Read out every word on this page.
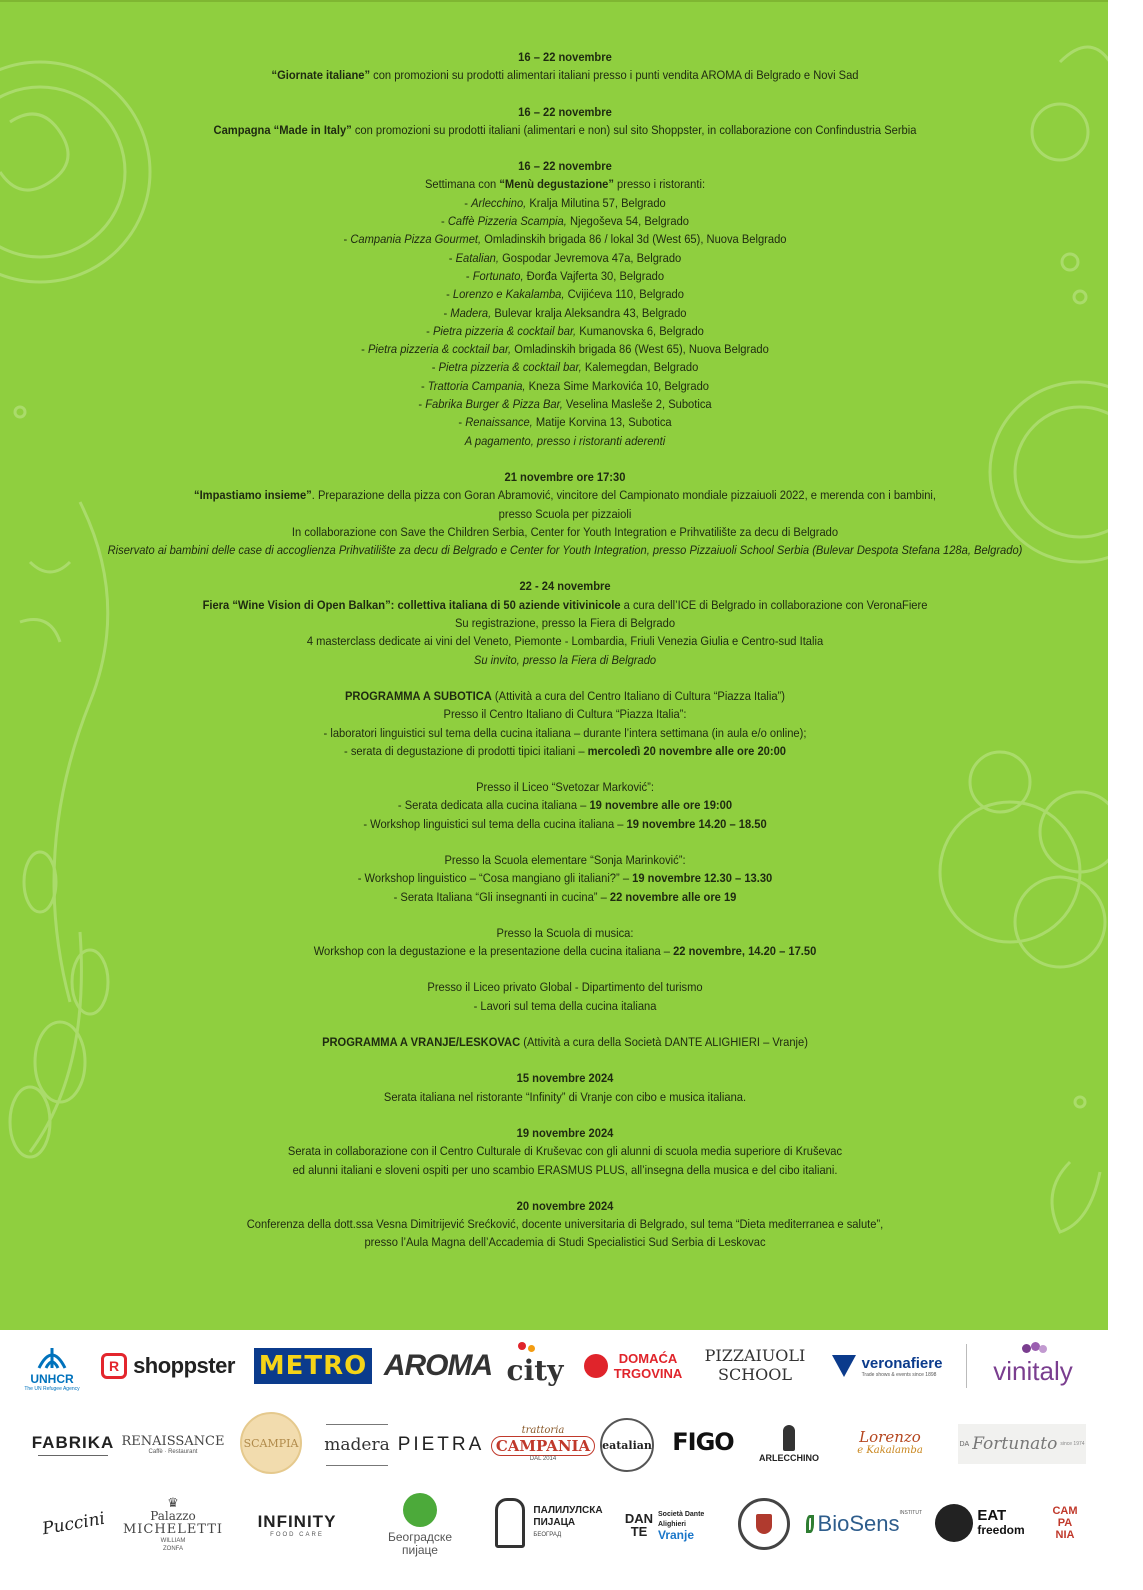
16 – 22 novembre
“Giornate italiane” con promozioni su prodotti alimentari italiani presso i punti vendita AROMA di Belgrado e Novi Sad
16 – 22 novembre
Campagna “Made in Italy” con promozioni su prodotti italiani (alimentari e non) sul sito Shoppster, in collaborazione con Confindustria Serbia
16 – 22 novembre
Settimana con “Menù degustazione” presso i ristoranti:
- Arlecchino, Kralja Milutina 57, Belgrado
- Caffè Pizzeria Scampia, Njegoševa 54, Belgrado
- Campania Pizza Gourmet, Omladinskih brigada 86 / lokal 3d (West 65), Nuova Belgrado
- Eatalian, Gospodar Jevremova 47a, Belgrado
- Fortunato, Đorđa Vajferta 30, Belgrado
- Lorenzo e Kakalamba, Cvijićeva 110, Belgrado
- Madera, Bulevar kralja Aleksandra 43, Belgrado
- Pietra pizzeria & cocktail bar, Kumanovska 6, Belgrado
- Pietra pizzeria & cocktail bar, Omladinskih brigada 86 (West 65), Nuova Belgrado
- Pietra pizzeria & cocktail bar, Kalemegdan, Belgrado
- Trattoria Campania, Kneza Sime Markovića 10, Belgrado
- Fabrika Burger & Pizza Bar, Veselina Masleše 2, Subotica
- Renaissance, Matije Korvina 13, Subotica
A pagamento, presso i ristoranti aderenti
21 novembre ore 17:30
“Impastiamo insieme”. Preparazione della pizza con Goran Abramović, vincitore del Campionato mondiale pizzaiuoli 2022, e merenda con i bambini,
presso Scuola per pizzaioli
In collaborazione con Save the Children Serbia, Center for Youth Integration e Prihvatilište za decu di Belgrado
Riservato ai bambini delle case di accoglienza Prihvatilište za decu di Belgrado e Center for Youth Integration, presso Pizzaiuoli School Serbia (Bulevar Despota Stefana 128a, Belgrado)
22 - 24 novembre
Fiera “Wine Vision di Open Balkan”: collettiva italiana di 50 aziende vitivinicole a cura dell’ICE di Belgrado in collaborazione con VeronaFiere
Su registrazione, presso la Fiera di Belgrado
4 masterclass dedicate ai vini del Veneto, Piemonte - Lombardia, Friuli Venezia Giulia e Centro-sud Italia
Su invito, presso la Fiera di Belgrado
PROGRAMMA A SUBOTICA (Attività a cura del Centro Italiano di Cultura “Piazza Italia”)
Presso il Centro Italiano di Cultura “Piazza Italia”:
- laboratori linguistici sul tema della cucina italiana – durante l’intera settimana (in aula e/o online);
- serata di degustazione di prodotti tipici italiani – mercoledì 20 novembre alle ore 20:00
Presso il Liceo “Svetozar Marković”:
- Serata dedicata alla cucina italiana – 19 novembre alle ore 19:00
- Workshop linguistici sul tema della cucina italiana – 19 novembre 14.20 – 18.50
Presso la Scuola elementare “Sonja Marinković”:
- Workshop linguistico – “Cosa mangiano gli italiani?” – 19 novembre 12.30 – 13.30
- Serata Italiana “Gli insegnanti in cucina” – 22 novembre alle ore 19
Presso la Scuola di musica:
Workshop con la degustazione e la presentazione della cucina italiana – 22 novembre, 14.20 – 17.50
Presso il Liceo privato Global - Dipartimento del turismo
- Lavori sul tema della cucina italiana
PROGRAMMA A VRANJE/LESKOVAC (Attività a cura della Società DANTE ALIGHIERI – Vranje)
15 novembre 2024
Serata italiana nel ristorante “Infinity” di Vranje con cibo e musica italiana.
19 novembre 2024
Serata in collaborazione con il Centro Culturale di Kruševac con gli alunni di scuola media superiore di Kruševac
ed alunni italiani e sloveni ospiti per uno scambio ERASMUS PLUS, all’insegna della musica e del cibo italiani.
20 novembre 2024
Conferenza della dott.ssa Vesna Dimitrijević Srećković, docente universitaria di Belgrado, sul tema “Dieta mediterranea e salute”,
presso l’Aula Magna dell’Accademia di Studi Specialistici Sud Serbia di Leskovac
UNHCR
The UN Refugee Agency
R shoppster METRO AROMA city	DOMAĆA
TRGOVINA
PIZZAIUOLI
SCHOOL
veronafiere
Trade shows & events since 1898 vinitaly
FABRIKA RENAISSANCE
Caffè · Restaurant
SCAMPIA madera PIETRA
trattoria
CAMPANIA
DAL 2014
eatalian FIGO
ARLECCHINO
Lorenzo
e Kakalamba
DA Fortunato since 1974
Puccini
♛
Palazzo
MICHELETTI
WILLIAM
ZONFA
INFINITY
FOOD CARE	Београдске
пијаце
ПАЛИЛУЛСКА
ПИЈАЦА
БЕОГРАД
DAN TE
Società Dante Alighieri
Vranje	BioSens INSTITUT	EAT
freedom
CAM
PA
NIA
